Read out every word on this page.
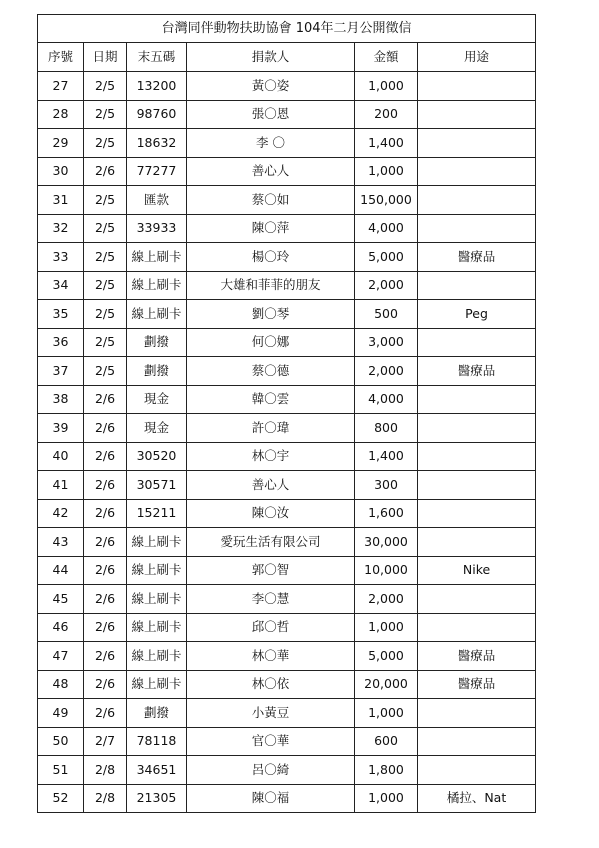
台灣同伴動物扶助協會 104年二月公開徵信					
序號	日期	末五碼	捐款人	金額	用途
27	2/5	13200	黃〇姿	1,000	
28	2/5	98760	張〇恩	200	
29	2/5	18632	李 〇	1,400	
30	2/6	77277	善心人	1,000	
31	2/5	匯款	蔡〇如	150,000	
32	2/5	33933	陳〇萍	4,000	
33	2/5	線上刷卡	楊〇玲	5,000	醫療品
34	2/5	線上刷卡	大雄和菲菲的朋友	2,000	
35	2/5	線上刷卡	劉〇琴	500	Peg
36	2/5	劃撥	何〇娜	3,000	
37	2/5	劃撥	蔡〇德	2,000	醫療品
38	2/6	現金	韓〇雲	4,000	
39	2/6	現金	許〇瑋	800	
40	2/6	30520	林〇宇	1,400	
41	2/6	30571	善心人	300	
42	2/6	15211	陳〇汝	1,600	
43	2/6	線上刷卡	愛玩生活有限公司	30,000	
44	2/6	線上刷卡	郭〇智	10,000	Nike
45	2/6	線上刷卡	李〇慧	2,000	
46	2/6	線上刷卡	邱〇哲	1,000	
47	2/6	線上刷卡	林〇華	5,000	醫療品
48	2/6	線上刷卡	林〇依	20,000	醫療品
49	2/6	劃撥	小黃豆	1,000	
50	2/7	78118	官〇華	600	
51	2/8	34651	呂〇綺	1,800	
52	2/8	21305	陳〇福	1,000	橘拉、Nat
